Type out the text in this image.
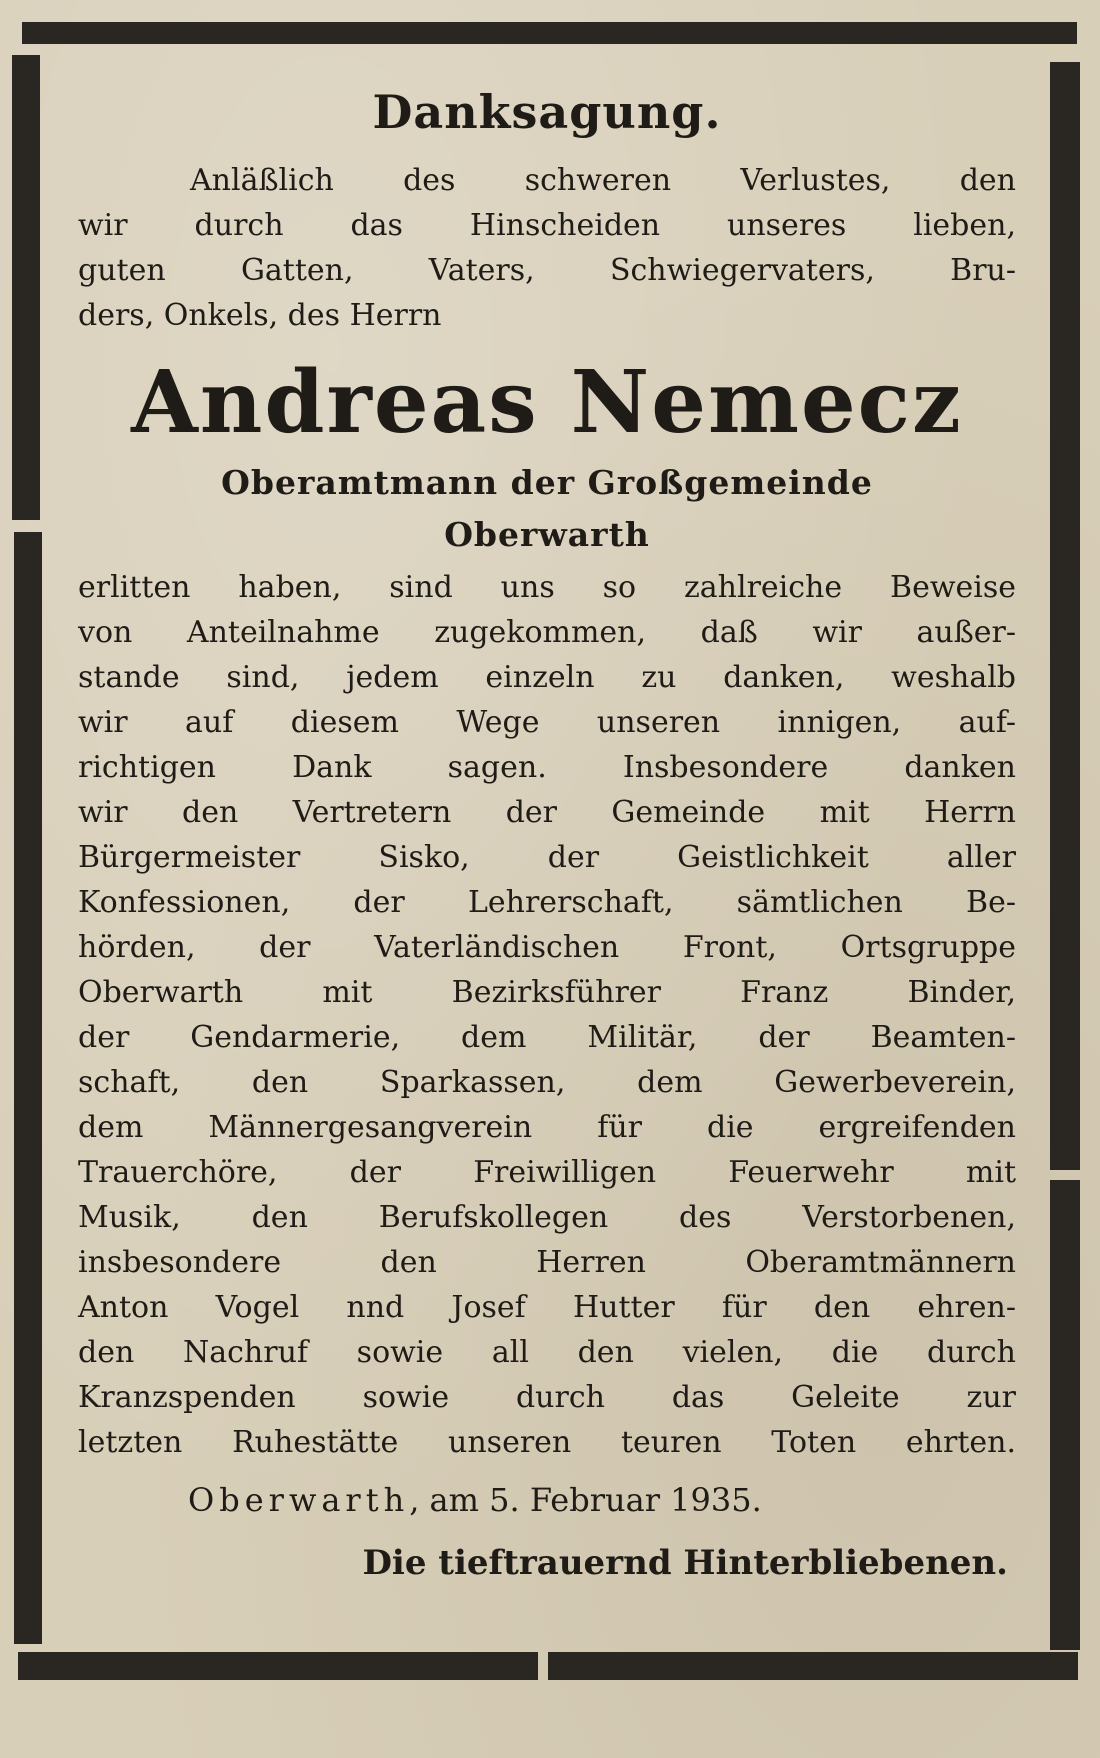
Danksagung.
Anläßlich des schweren Verlustes, den
wir durch das Hinscheiden unseres lieben,
guten Gatten, Vaters, Schwiegervaters, Bru-
ders, Onkels, des Herrn
Andreas Nemecz
Oberamtmann der Großgemeinde
Oberwarth
erlitten haben, sind uns so zahlreiche Beweise
von Anteilnahme zugekommen, daß wir außer-
stande sind, jedem einzeln zu danken, weshalb
wir auf diesem Wege unseren innigen, auf-
richtigen Dank sagen. Insbesondere danken
wir den Vertretern der Gemeinde mit Herrn
Bürgermeister Sisko, der Geistlichkeit aller
Konfessionen, der Lehrerschaft, sämtlichen Be-
hörden, der Vaterländischen Front, Ortsgruppe
Oberwarth mit Bezirksführer Franz Binder,
der Gendarmerie, dem Militär, der Beamten-
schaft, den Sparkassen, dem Gewerbeverein,
dem Männergesangverein für die ergreifenden
Trauerchöre, der Freiwilligen Feuerwehr mit
Musik, den Berufskollegen des Verstorbenen,
insbesondere den Herren Oberamtmännern
Anton Vogel nnd Josef Hutter für den ehren-
den Nachruf sowie all den vielen, die durch
Kranzspenden sowie durch das Geleite zur
letzten Ruhestätte unseren teuren Toten ehrten.
Oberwarth, am 5. Februar 1935.
Die tieftrauernd Hinterbliebenen.
